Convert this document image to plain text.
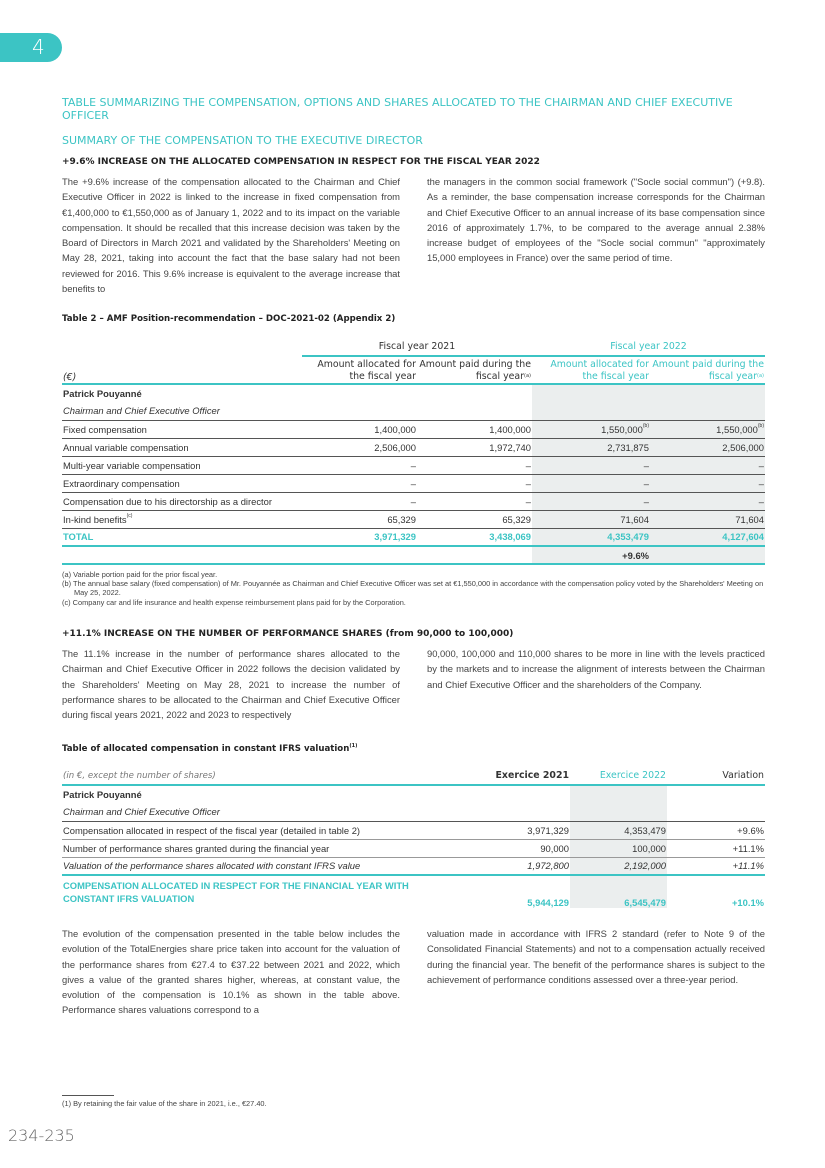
4
TABLE SUMMARIZING THE COMPENSATION, OPTIONS AND SHARES ALLOCATED TO THE CHAIRMAN AND CHIEF EXECUTIVE OFFICER
SUMMARY OF THE COMPENSATION TO THE EXECUTIVE DIRECTOR
+9.6% INCREASE ON THE ALLOCATED COMPENSATION IN RESPECT FOR THE FISCAL YEAR 2022

The +9.6% increase of the compensation allocated to the Chairman and Chief Executive Officer in 2022 is linked to the increase in fixed compensation from €1,400,000 to €1,550,000 as of January 1, 2022 and to its impact on the variable compensation. It should be recalled that this increase decision was taken by the Board of Directors in March 2021 and validated by the Shareholders' Meeting on May 28, 2021, taking into account the fact that the base salary had not been reviewed for 2016. This 9.6% increase is equivalent to the average increase that benefits to

the managers in the common social framework ("Socle social commun") (+9.8). As a reminder, the base compensation increase corresponds for the Chairman and Chief Executive Officer to an annual increase of its base compensation since 2016 of approximately 1.7%, to be compared to the average annual 2.38% increase budget of employees of the "Socle social commun" "approximately 15,000 employees in France) over the same period of time.

Table 2 – AMF Position-recommendation – DOC-2021-02 (Appendix 2)
	Fiscal year 2021		Fiscal year 2022	
(€)	Amount allocated for the fiscal year	Amount paid during the fiscal year$^{(a)}$	Amount allocated for the fiscal year	Amount paid during the fiscal year$^{(a)}$
Patrick Pouyanné				
Chairman and Chief Executive Officer				
Fixed compensation	1,400,000	1,400,000	1,550,000$^{(b)}$	1,550,000$^{(b)}$
Annual variable compensation	2,506,000	1,972,740	2,731,875	2,506,000
Multi-year variable compensation	–	–	–	–
Extraordinary compensation	–	–	–	–
Compensation due to his directorship as a director	–	–	–	–
In-kind benefits$^{(c)}$	65,329	65,329	71,604	71,604
TOTAL	3,971,329	3,438,069	4,353,479	4,127,604
			+9.6%	
(a) Variable portion paid for the prior fiscal year.
(b) The annual base salary (fixed compensation) of Mr. Pouyannée as Chairman and Chief Executive Officer was set at €1,550,000 in accordance with the compensation policy voted by the Shareholders' Meeting on May 25, 2022.
(c) Company car and life insurance and health expense reimbursement plans paid for by the Corporation.
+11.1% INCREASE ON THE NUMBER OF PERFORMANCE SHARES (from 90,000 to 100,000)

The 11.1% increase in the number of performance shares allocated to the Chairman and Chief Executive Officer in 2022 follows the decision validated by the Shareholders' Meeting on May 28, 2021 to increase the number of performance shares to be allocated to the Chairman and Chief Executive Officer during fiscal years 2021, 2022 and 2023 to respectively

90,000, 100,000 and 110,000 shares to be more in line with the levels practiced by the markets and to increase the alignment of interests between the Chairman and Chief Executive Officer and the shareholders of the Company.

Table of allocated compensation in constant IFRS valuation$^{(1)}$
(in €, except the number of shares)	Exercice 2021	Exercice 2022	Variation
Patrick Pouyanné			
Chairman and Chief Executive Officer			
Compensation allocated in respect of the fiscal year (detailed in table 2)	3,971,329	4,353,479	+9.6%
Number of performance shares granted during the financial year	90,000	100,000	+11.1%
Valuation of the performance shares allocated with constant IFRS value	1,972,800	2,192,000	+11.1%
COMPENSATION ALLOCATED IN RESPECT FOR THE FINANCIAL YEAR WITH
CONSTANT IFRS VALUATION	5,944,129	6,545,479	+10.1%

The evolution of the compensation presented in the table below includes the evolution of the TotalEnergies share price taken into account for the valuation of the performance shares from €27.4 to €37.22 between 2021 and 2022, which gives a value of the granted shares higher, whereas, at constant value, the evolution of the compensation is 10.1% as shown in the table above. Performance shares valuations correspond to a

valuation made in accordance with IFRS 2 standard (refer to Note 9 of the Consolidated Financial Statements) and not to a compensation actually received during the financial year. The benefit of the performance shares is subject to the achievement of performance conditions assessed over a three-year period.

(1) By retaining the fair value of the share in 2021, i.e., €27.40.
234-235
